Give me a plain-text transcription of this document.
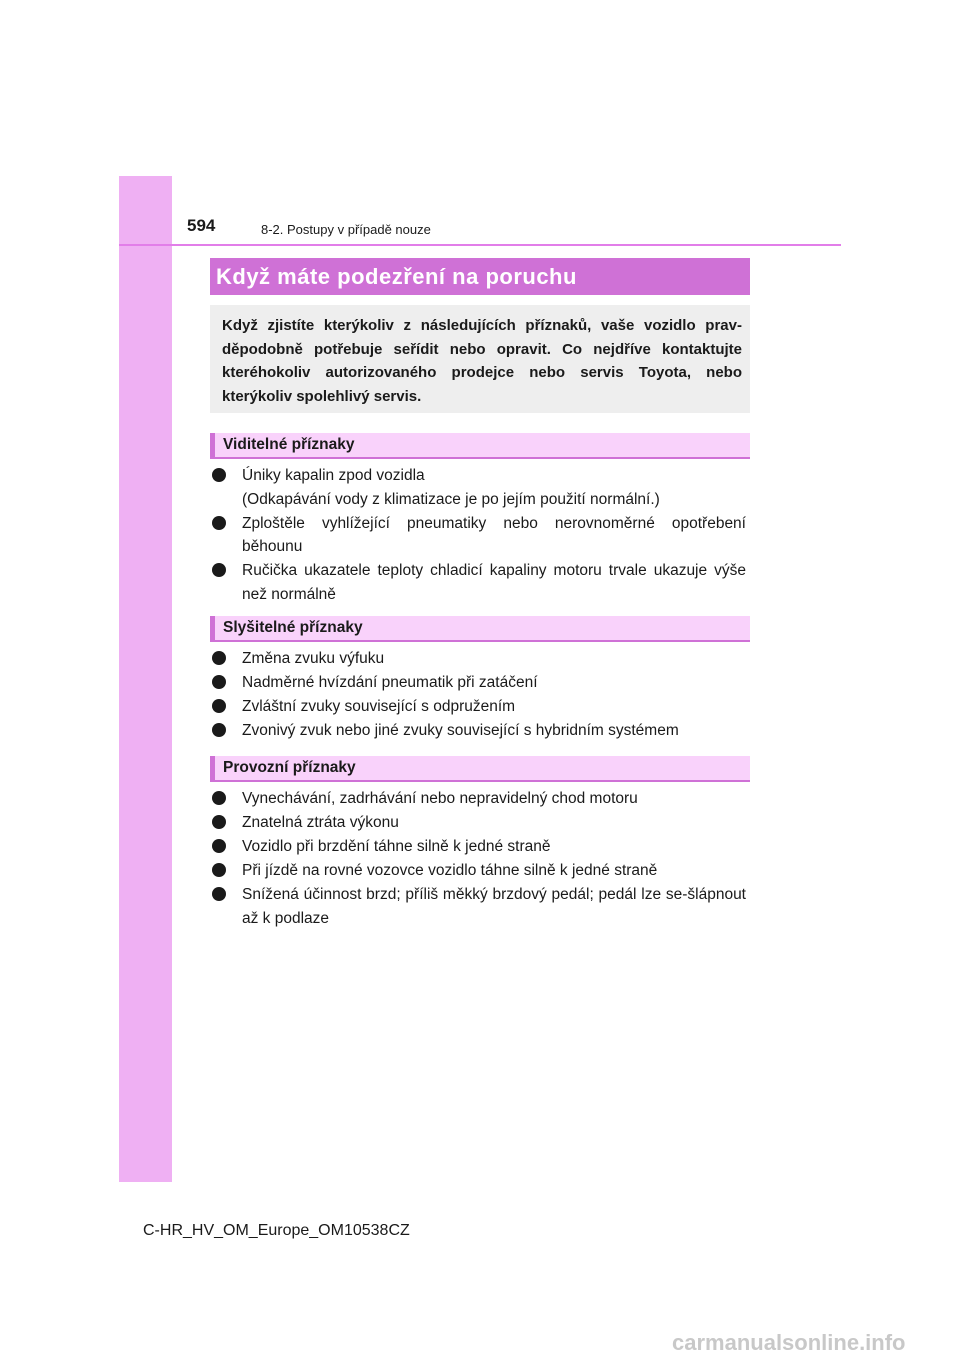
594	8-2. Postupy v případě nouze
Když máte podezření na poruchu
Když zjistíte kterýkoliv z následujících příznaků, vaše vozidlo prav-děpodobně potřebuje seřídit nebo opravit. Co nejdříve kontaktujte kteréhokoliv autorizovaného prodejce nebo servis Toyota, nebo kterýkoliv spolehlivý servis.
Viditelné příznaky
Úniky kapalin zpod vozidla
(Odkapávání vody z klimatizace je po jejím použití normální.)
Zploštěle vyhlížející pneumatiky nebo nerovnoměrné opotřebení běhounu
Ručička ukazatele teploty chladicí kapaliny motoru trvale ukazuje výše než normálně
Slyšitelné příznaky
Změna zvuku výfuku
Nadměrné hvízdání pneumatik při zatáčení
Zvláštní zvuky související s odpružením
Zvonivý zvuk nebo jiné zvuky související s hybridním systémem
Provozní příznaky
Vynechávání, zadrhávání nebo nepravidelný chod motoru
Znatelná ztráta výkonu
Vozidlo při brzdění táhne silně k jedné straně
Při jízdě na rovné vozovce vozidlo táhne silně k jedné straně
Snížená účinnost brzd; příliš měkký brzdový pedál; pedál lze se-šlápnout až k podlaze
C-HR_HV_OM_Europe_OM10538CZ
carmanualsonline.info
